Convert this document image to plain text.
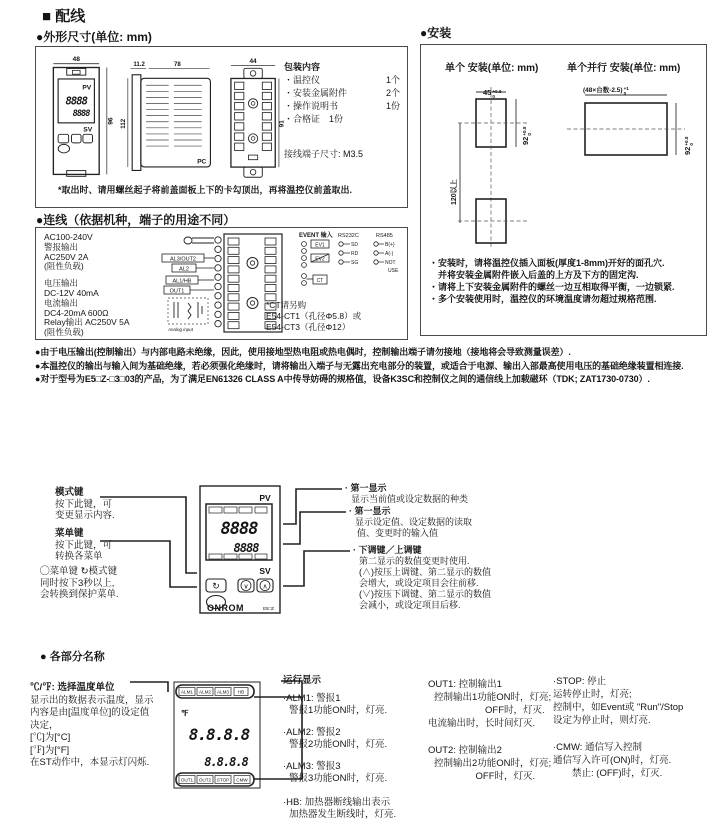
■ 配线
●外形尺寸(单位: mm)
48
PV
8888
8888
SV
96
11.2	78
112
PC
44
91
包装内容
・温控仪	1个
・安装金属附件	2个
・操作说明书	1份
・合格证　 1份
接线端子尺寸: M3.5
*取出时、请用螺丝起子将前盖面板上下的卡勾顶出，再将温控仪前盖取出.
●连线（依据机种，端子的用途不同）
AC100-240V
警报输出
AC250V 2A
(阻性负载)
电压输出
DC-12V 40mA
电流输出
DC4-20mA 600Ω
Relay输出 AC250V 5A
(阻性负载)
AL3/OUT2
AL2
AL1/HB
OUT1
Analog input
EVENT 输入
EV1
EV2
CT
RS232C
SD
RD
SG
RS485
B(+)
A(-)
NOT
USE
*CT请另购
E54-CT1（孔径Φ5.8）或
E54-CT3（孔径Φ12）
●安装
单个 安装(单位: mm)	单个并行 安装(单位: mm)
45 +0.6
0
92
+0.8 0
120以上
(48×台数-2.5) +1
0
92
+0.8 0
・安装时，请将温控仪插入面板(厚度1-8mm)开好的面孔穴.
　并将安装金属附件嵌入后盖的上方及下方的固定沟.
・请将上下安装金属附件的螺丝一边互相取得平衡，一边锁紧.
・多个安装使用时，温控仪的环境温度请勿超过规格范围.
●由于电压输出(控制输出）与内部电路未绝缘，因此，使用接地型热电阻或热电偶时，控制输出端子请勿接地（接地将会导致测量误差）.
●本温控仪的输出与输入间为基础绝缘，若必须强化绝缘时，请将输出入端子与无露出充电部分的装置，或适合于电源、输出入部最高使用电压的基础绝缘装置相连接.
●对于型号为E5□Z-□3□03的产品，为了满足EN61326 CLASS A中传导妨碍的规格值，设备K3SC和控制仪之间的通信线上加载磁环（TDK; ZAT1730-0730）.
模式键
按下此键，可
变更显示内容.
菜单键
按下此键，可
转换各菜单
◯菜单键 ↻模式键
同时按下3秒以上,
会转换到保护菜单.
PV
8888
8888
SV
↻	∨ ∧
ONROM	E5□Z
· 第一显示
显示当前值或设定数据的种类
· 第一显示
显示设定值、设定数据的读取
值、变更时的输入值
· 下调键／上调键
第二显示的数值变更时使用.
(∧)按压上调键、第二显示的数值
会增大，或设定项目会往前移.
(∨)按压下调键、第二显示的数值
会减小，或设定项目后移.
● 各部分名称
℃/℉: 选择温度单位
显示出的数据表示温度，显示
内容是由[温度单位]的设定值
决定，
[℃]为[°C]
[℉]为[°F]
在ST动作中，本显示灯闪烁.
ALM1 ALM2 ALM3 HB
℉
8.8.8.8
8.8.8.8
OUT1 OUT2 STOP CMW
运行显示
·ALM1: 警报1
警报1功能ON时，灯亮.
·ALM2: 警报2
警报2功能ON时，灯亮.
·ALM3: 警报3
警报3功能ON时，灯亮.
·HB: 加热器断线输出表示
加热器发生断线时，灯亮.
OUT1: 控制输出1
控制输出1功能ON时，灯亮;
　　　　　　OFF时，灯灭.
电流输出时，长时间灯灭.
OUT2: 控制输出2
控制输出2功能ON时，灯亮;
　　　　　OFF时，灯灭.
·STOP: 停止
运转停止时，灯亮;
控制中，如Event或 "Run"/Stop
设定为停止时，则灯亮.
·CMW: 通信写入控制
通信写入许可(ON)时，灯亮.
　　禁止: (OFF)时，灯灭.
